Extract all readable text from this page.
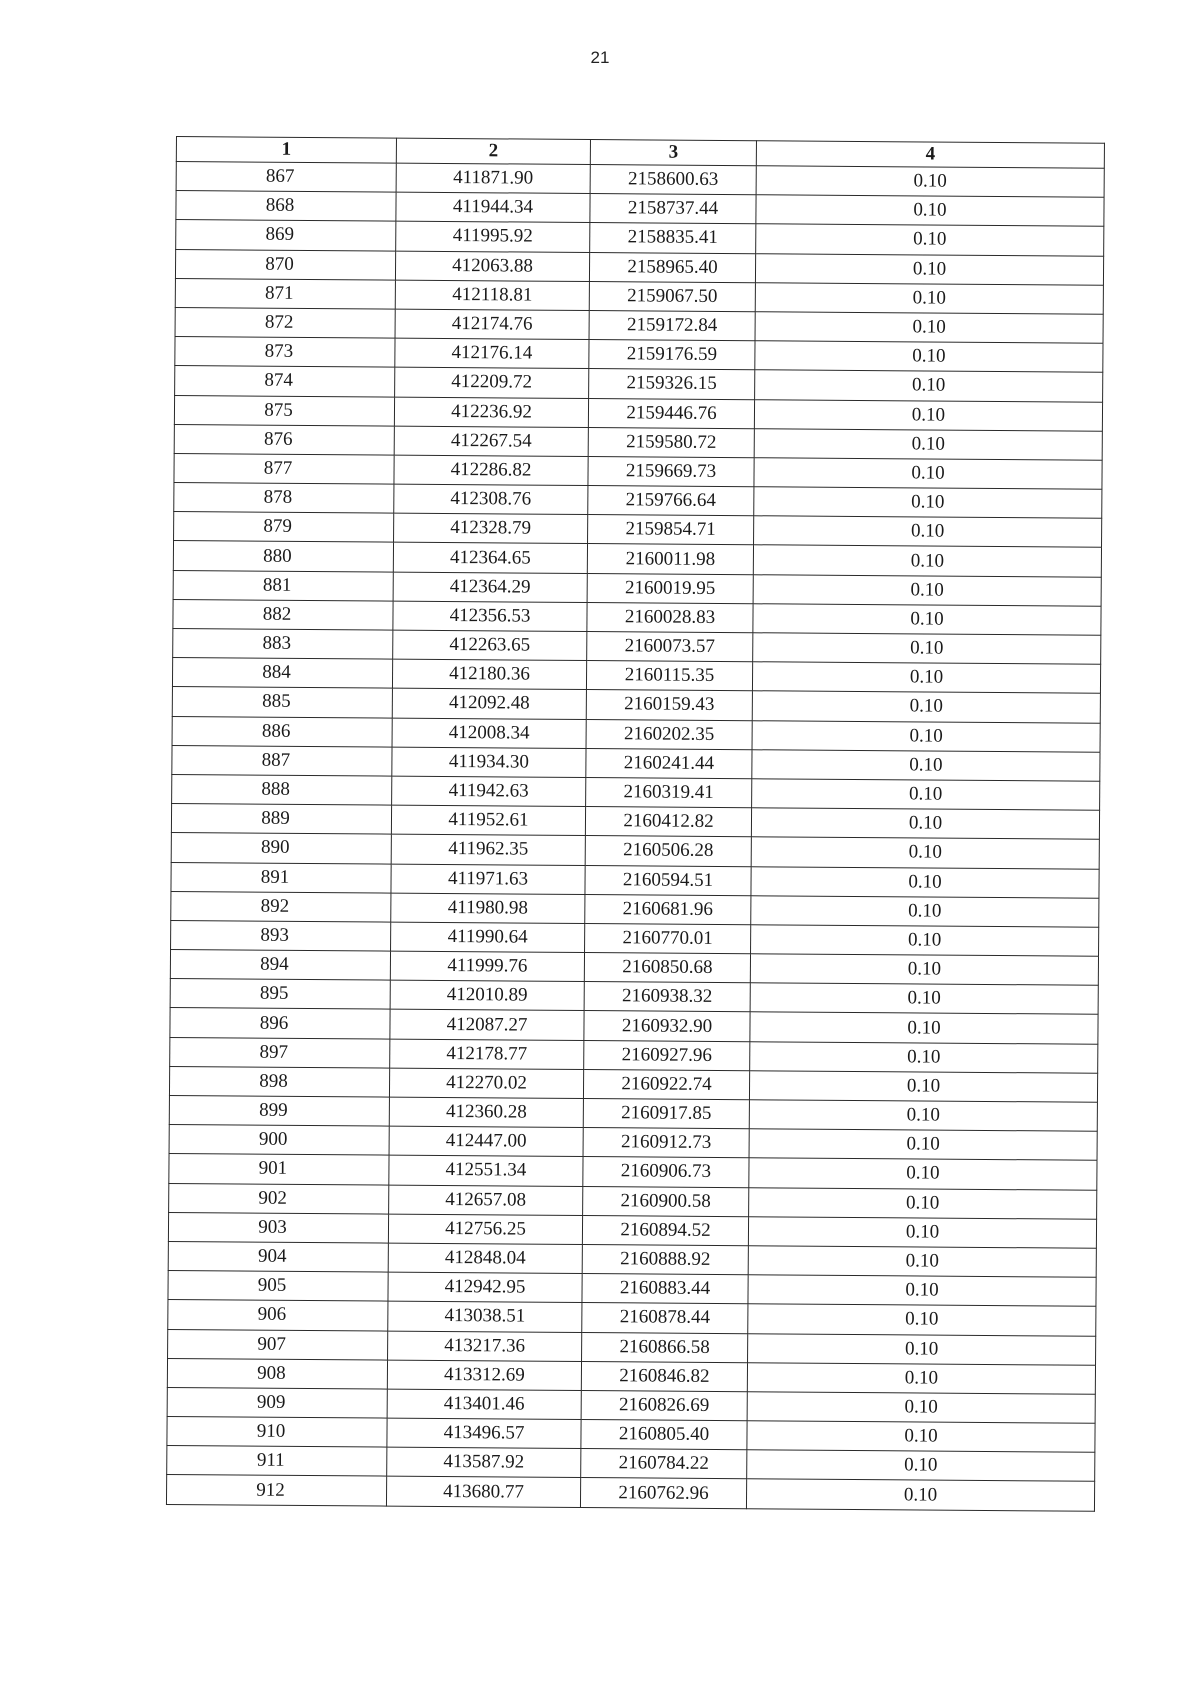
21
1	2	3	4
867	411871.90	2158600.63	0.10
868	411944.34	2158737.44	0.10
869	411995.92	2158835.41	0.10
870	412063.88	2158965.40	0.10
871	412118.81	2159067.50	0.10
872	412174.76	2159172.84	0.10
873	412176.14	2159176.59	0.10
874	412209.72	2159326.15	0.10
875	412236.92	2159446.76	0.10
876	412267.54	2159580.72	0.10
877	412286.82	2159669.73	0.10
878	412308.76	2159766.64	0.10
879	412328.79	2159854.71	0.10
880	412364.65	2160011.98	0.10
881	412364.29	2160019.95	0.10
882	412356.53	2160028.83	0.10
883	412263.65	2160073.57	0.10
884	412180.36	2160115.35	0.10
885	412092.48	2160159.43	0.10
886	412008.34	2160202.35	0.10
887	411934.30	2160241.44	0.10
888	411942.63	2160319.41	0.10
889	411952.61	2160412.82	0.10
890	411962.35	2160506.28	0.10
891	411971.63	2160594.51	0.10
892	411980.98	2160681.96	0.10
893	411990.64	2160770.01	0.10
894	411999.76	2160850.68	0.10
895	412010.89	2160938.32	0.10
896	412087.27	2160932.90	0.10
897	412178.77	2160927.96	0.10
898	412270.02	2160922.74	0.10
899	412360.28	2160917.85	0.10
900	412447.00	2160912.73	0.10
901	412551.34	2160906.73	0.10
902	412657.08	2160900.58	0.10
903	412756.25	2160894.52	0.10
904	412848.04	2160888.92	0.10
905	412942.95	2160883.44	0.10
906	413038.51	2160878.44	0.10
907	413217.36	2160866.58	0.10
908	413312.69	2160846.82	0.10
909	413401.46	2160826.69	0.10
910	413496.57	2160805.40	0.10
911	413587.92	2160784.22	0.10
912	413680.77	2160762.96	0.10
